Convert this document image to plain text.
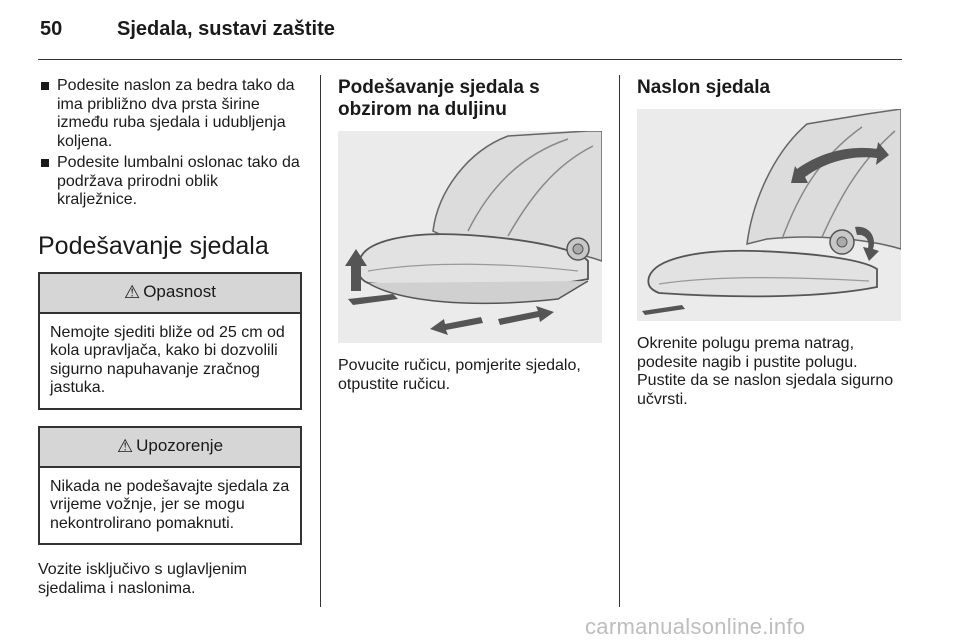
50	Sjedala, sustavi zaštite
Podesite naslon za bedra tako da ima približno dva prsta širine između ruba sjedala i udubljenja koljena.
Podesite lumbalni oslonac tako da podržava prirodni oblik kralježnice.
Podešavanje sjedala
⚠ Opasnost
Nemojte sjediti bliže od 25 cm od kola upravljača, kako bi dozvolili sigurno napuhavanje zračnog jastuka.
⚠ Upozorenje
Nikada ne podešavajte sjedala za vrijeme vožnje, jer se mogu nekontrolirano pomaknuti.

Vozite isključivo s uglavljenim sjedalima i naslonima.

Podešavanje sjedala s obzirom na duljinu

Povucite ručicu, pomjerite sjedalo, otpustite ručicu.

Naslon sjedala

Okrenite polugu prema natrag, podesite nagib i pustite polugu. Pustite da se naslon sjedala sigurno učvrsti.

carmanualsonline.info
